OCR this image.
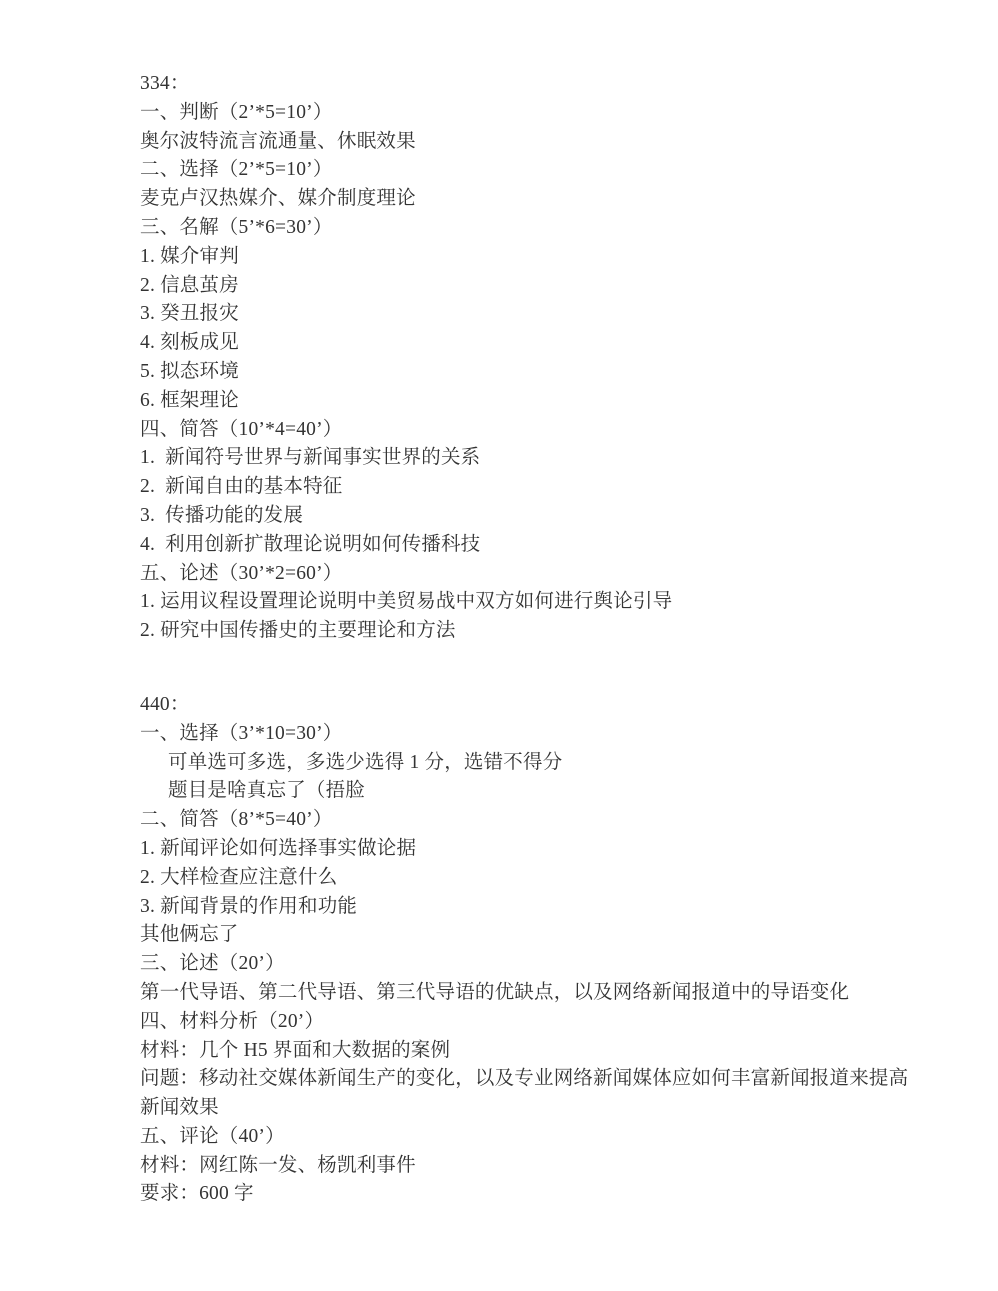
334：

一、判断（2’*5=10’）

奥尔波特流言流通量、休眠效果

二、选择（2’*5=10’）

麦克卢汉热媒介、媒介制度理论

三、名解（5’*6=30’）

1. 媒介审判

2. 信息茧房

3. 癸丑报灾

4. 刻板成见

5. 拟态环境

6. 框架理论

四、简答（10’*4=40’）

1.  新闻符号世界与新闻事实世界的关系

2.  新闻自由的基本特征

3.  传播功能的发展

4.  利用创新扩散理论说明如何传播科技

五、论述（30’*2=60’）

1. 运用议程设置理论说明中美贸易战中双方如何进行舆论引导

2. 研究中国传播史的主要理论和方法

440：

一、选择（3’*10=30’）

可单选可多选，多选少选得 1 分，选错不得分

题目是啥真忘了（捂脸

二、简答（8’*5=40’）

1. 新闻评论如何选择事实做论据

2. 大样检查应注意什么

3. 新闻背景的作用和功能

其他俩忘了

三、论述（20’）

第一代导语、第二代导语、第三代导语的优缺点，以及网络新闻报道中的导语变化

四、材料分析（20’）

材料：几个 H5 界面和大数据的案例

问题：移动社交媒体新闻生产的变化，以及专业网络新闻媒体应如何丰富新闻报道来提高新闻效果

五、评论（40’）

材料：网红陈一发、杨凯利事件

要求：600 字
